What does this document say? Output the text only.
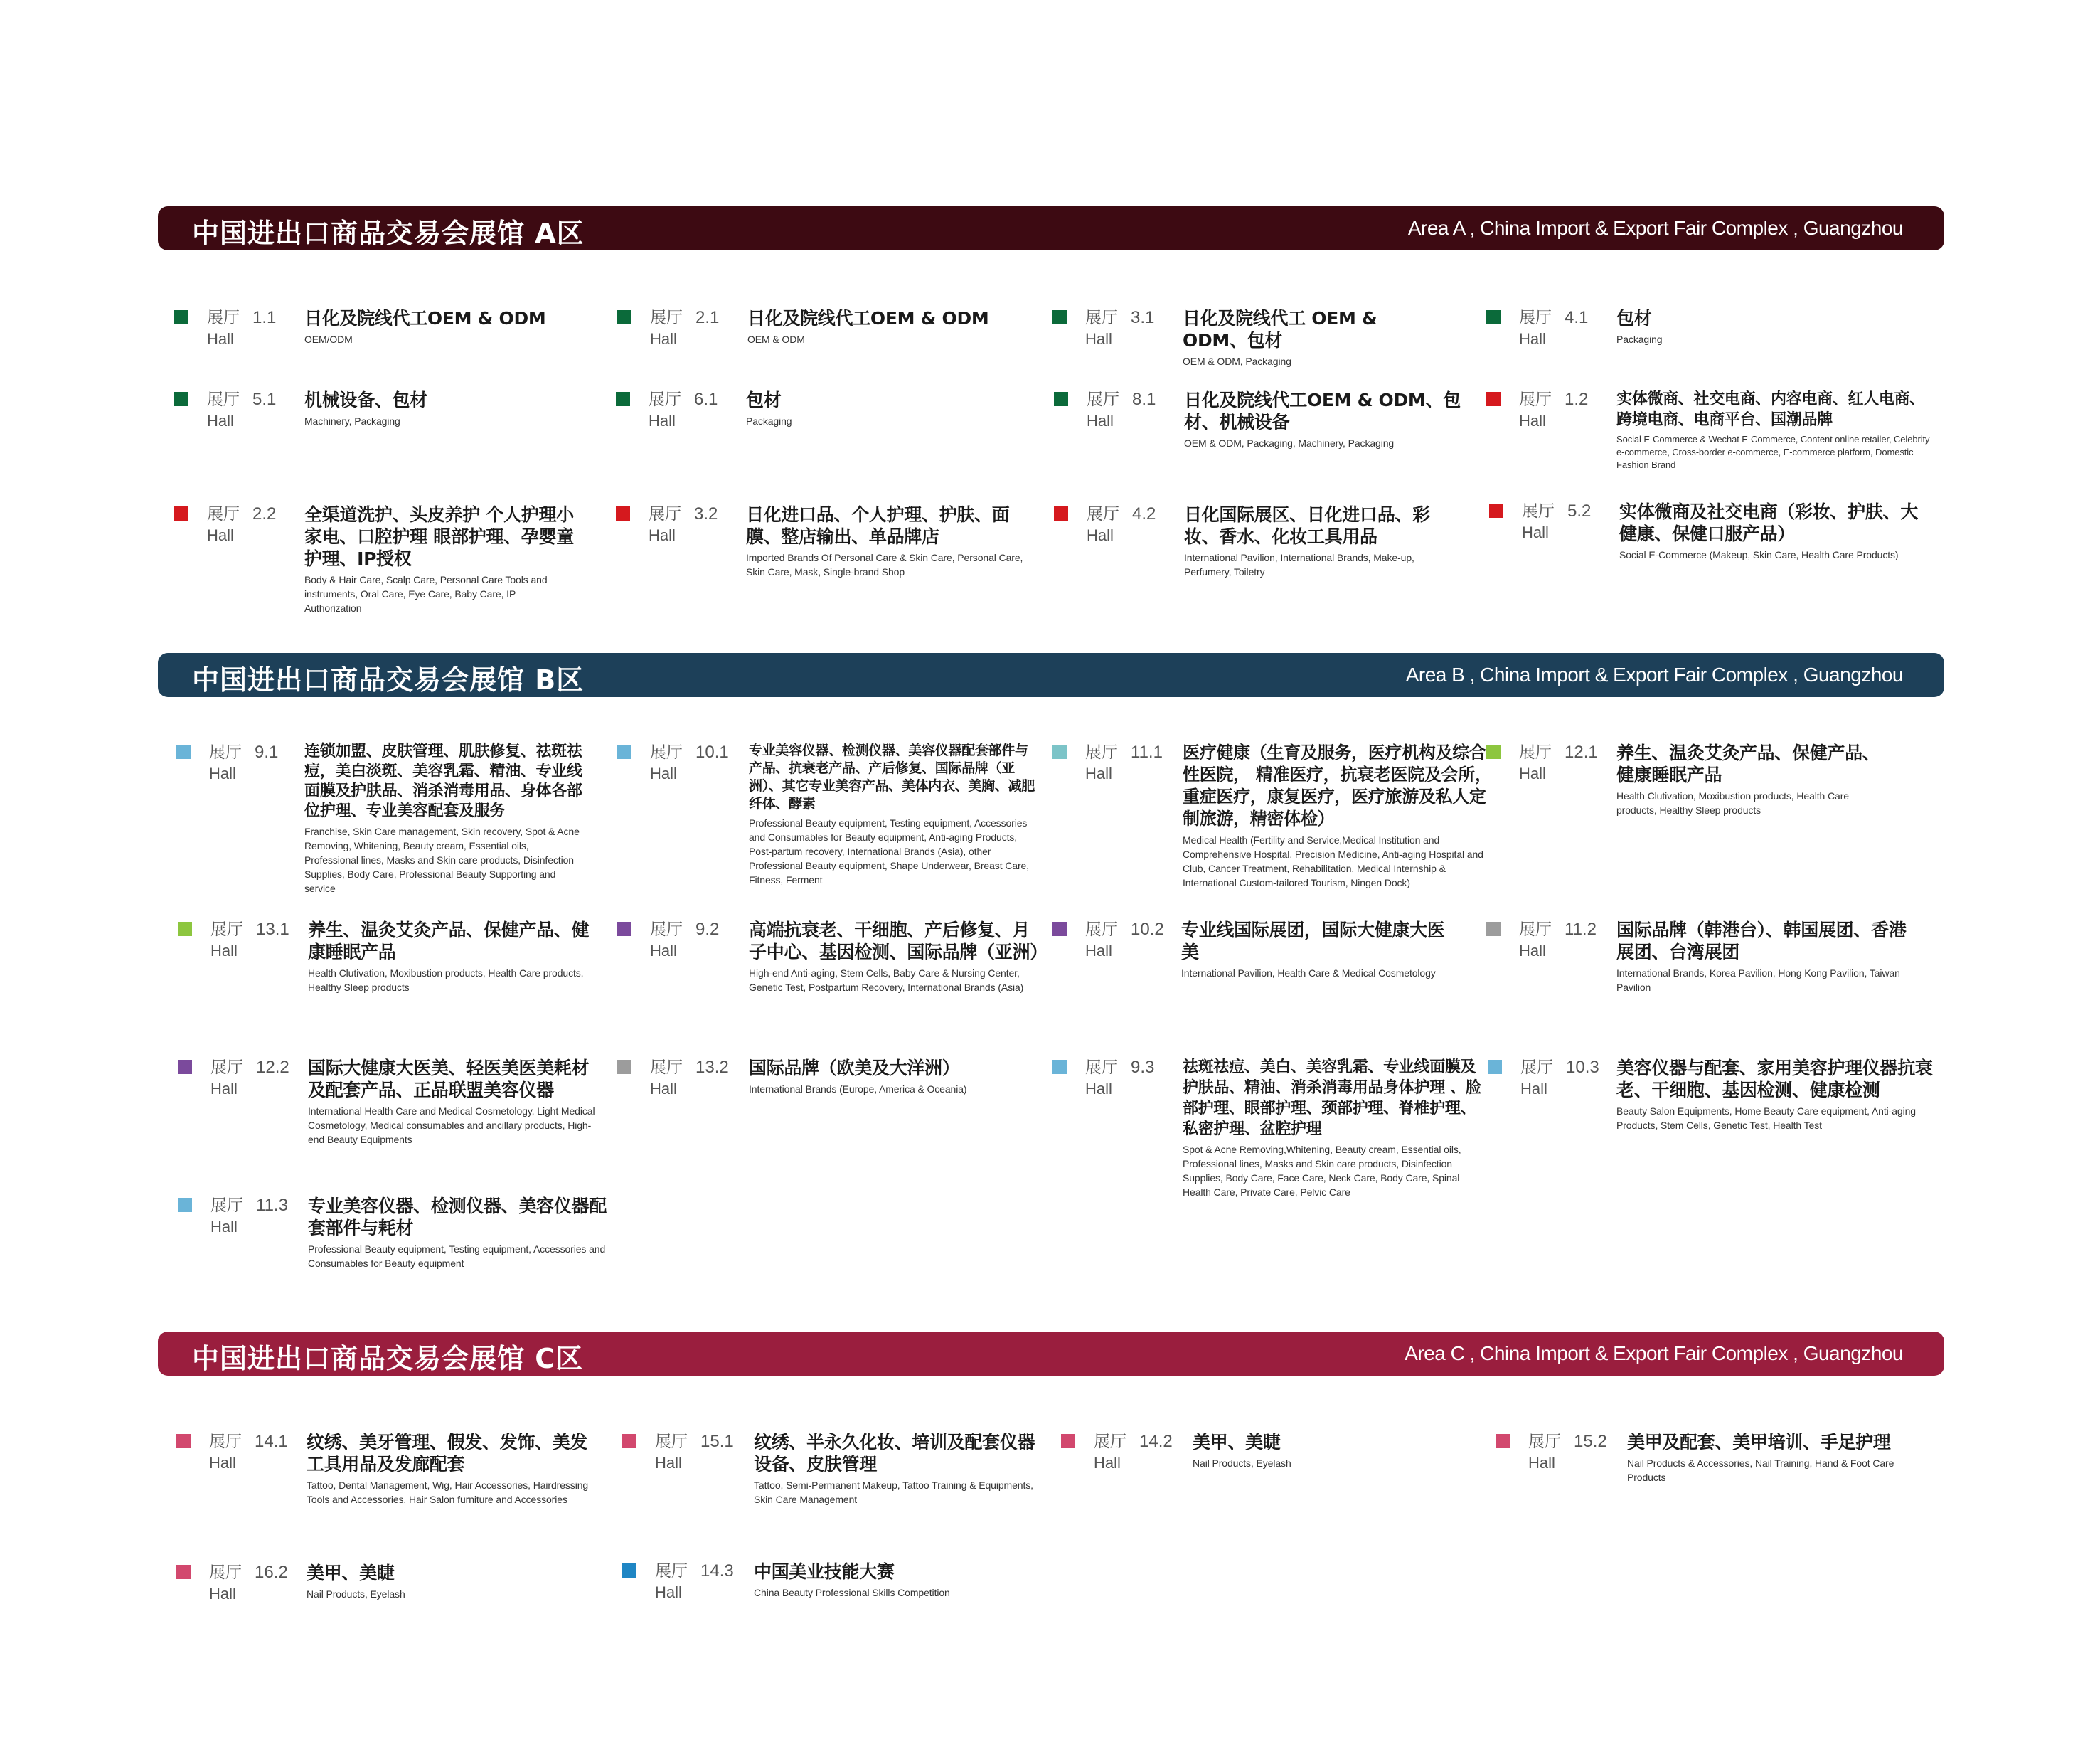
中国进出口商品交易会展馆 A区	Area A , China Import & Export Fair Complex , Guangzhou
展厅 1.1
Hall
日化及院线代工OEM & ODM
OEM/ODM
展厅 2.1
Hall
日化及院线代工OEM & ODM
OEM & ODM
展厅 3.1
Hall
日化及院线代工 OEM & ODM、包材
OEM & ODM, Packaging
展厅 4.1
Hall
包材
Packaging
展厅 5.1
Hall
机械设备、包材
Machinery, Packaging
展厅 6.1
Hall
包材
Packaging
展厅 8.1
Hall
日化及院线代工OEM & ODM、包材、机械设备
OEM & ODM, Packaging, Machinery, Packaging
展厅 1.2
Hall
实体微商、社交电商、内容电商、红人电商、跨境电商、电商平台、国潮品牌
Social E-Commerce & Wechat E-Commerce, Content online retailer, Celebrity e-commerce, Cross-border e-commerce, E-commerce platform, Domestic Fashion Brand
展厅 2.2
Hall
全渠道洗护、头皮养护 个人护理小家电、口腔护理 眼部护理、孕婴童护理、IP授权
Body & Hair Care, Scalp Care, Personal Care Tools and instruments, Oral Care, Eye Care, Baby Care, IP Authorization
展厅 3.2
Hall
日化进口品、个人护理、护肤、面膜、整店输出、单品牌店
Imported Brands Of Personal Care & Skin Care, Personal Care, Skin Care, Mask, Single-brand Shop
展厅 4.2
Hall
日化国际展区、日化进口品、彩妆、香水、化妆工具用品
International Pavilion, International Brands, Make-up, Perfumery, Toiletry
展厅 5.2
Hall
实体微商及社交电商（彩妆、护肤、大健康、保健口服产品）
Social E-Commerce (Makeup, Skin Care, Health Care Products)
中国进出口商品交易会展馆 B区	Area B , China Import & Export Fair Complex , Guangzhou
展厅 9.1
Hall
连锁加盟、皮肤管理、肌肤修复、祛斑祛痘，美白淡斑、美容乳霜、精油、专业线面膜及护肤品、消杀消毒用品、身体各部位护理、专业美容配套及服务
Franchise, Skin Care management, Skin recovery, Spot & Acne Removing, Whitening, Beauty cream, Essential oils, Professional lines, Masks and Skin care products, Disinfection Supplies, Body Care, Professional Beauty Supporting and service
展厅 10.1
Hall
专业美容仪器、检测仪器、美容仪器配套部件与产品、抗衰老产品、产后修复、国际品牌（亚洲）、其它专业美容产品、美体内衣、美胸、减肥纤体、酵素
Professional Beauty equipment, Testing equipment, Accessories and Consumables for Beauty equipment, Anti-aging Products, Post-partum recovery, International Brands (Asia), other Professional Beauty equipment, Shape Underwear, Breast Care, Fitness, Ferment
展厅 11.1
Hall
医疗健康（生育及服务，医疗机构及综合性医院， 精准医疗，抗衰老医院及会所，重症医疗，康复医疗，医疗旅游及私人定制旅游，精密体检）
Medical Health (Fertility and Service,Medical Institution and Comprehensive Hospital, Precision Medicine, Anti-aging Hospital and Club, Cancer Treatment, Rehabilitation, Medical Internship & International Custom-tailored Tourism, Ningen Dock)
展厅 12.1
Hall
养生、温灸艾灸产品、保健产品、健康睡眠产品
Health Clutivation, Moxibustion products, Health Care products, Healthy Sleep products
展厅 13.1
Hall
养生、温灸艾灸产品、保健产品、健康睡眠产品
Health Clutivation, Moxibustion products, Health Care products, Healthy Sleep products
展厅 9.2
Hall
高端抗衰老、干细胞、产后修复、月子中心、基因检测、国际品牌（亚洲）
High-end Anti-aging, Stem Cells, Baby Care & Nursing Center, Genetic Test, Postpartum Recovery, International Brands (Asia)
展厅 10.2
Hall
专业线国际展团，国际大健康大医美
International Pavilion, Health Care & Medical Cosmetology
展厅 11.2
Hall
国际品牌（韩港台）、韩国展团、香港展团、台湾展团
International Brands, Korea Pavilion, Hong Kong Pavilion, Taiwan Pavilion
展厅 12.2
Hall
国际大健康大医美、轻医美医美耗材及配套产品、正品联盟美容仪器
International Health Care and Medical Cosmetology, Light Medical Cosmetology, Medical consumables and ancillary products, High-end Beauty Equipments
展厅 13.2
Hall
国际品牌（欧美及大洋洲）
International Brands (Europe, America & Oceania)
展厅 9.3
Hall
祛斑祛痘、美白、美容乳霜、专业线面膜及护肤品、精油、消杀消毒用品身体护理 、脸部护理、眼部护理、颈部护理、脊椎护理、私密护理、盆腔护理
Spot & Acne Removing,Whitening, Beauty cream, Essential oils, Professional lines, Masks and Skin care products, Disinfection Supplies, Body Care, Face Care, Neck Care, Body Care, Spinal Health Care, Private Care, Pelvic Care
展厅 10.3
Hall
美容仪器与配套、家用美容护理仪器抗衰老、干细胞、基因检测、健康检测
Beauty Salon Equipments, Home Beauty Care equipment, Anti-aging Products, Stem Cells, Genetic Test, Health Test
展厅 11.3
Hall
专业美容仪器、检测仪器、美容仪器配套部件与耗材
Professional Beauty equipment, Testing equipment, Accessories and Consumables for Beauty equipment
中国进出口商品交易会展馆 C区	Area C , China Import & Export Fair Complex , Guangzhou
展厅 14.1
Hall
纹绣、美牙管理、假发、发饰、美发工具用品及发廊配套
Tattoo, Dental Management, Wig, Hair Accessories, Hairdressing Tools and Accessories, Hair Salon furniture and Accessories
展厅 15.1
Hall
纹绣、半永久化妆、培训及配套仪器设备、皮肤管理
Tattoo, Semi-Permanent Makeup, Tattoo Training & Equipments, Skin Care Management
展厅 14.2
Hall
美甲、美睫
Nail Products, Eyelash
展厅 15.2
Hall
美甲及配套、美甲培训、手足护理
Nail Products & Accessories, Nail Training, Hand & Foot Care Products
展厅 16.2
Hall
美甲、美睫
Nail Products, Eyelash
展厅 14.3
Hall
中国美业技能大赛
China Beauty Professional Skills Competition
